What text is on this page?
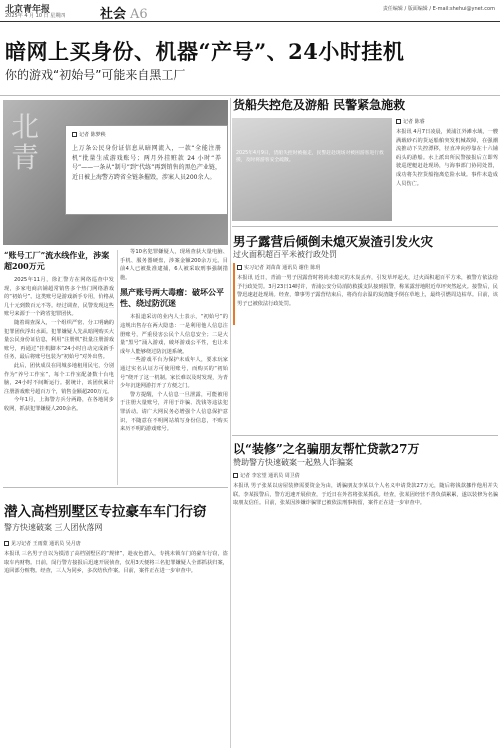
北京青年报
2025年 4 月 10 日 星期四	社会 A6	责任编辑 / 版面编辑 / E-mail:shehui@ynet.com
暗网上买身份、机器“产号”、24小时挂机
你的游戏“初始号”可能来自黑工厂
北青
记者 陈梦秧
上万条公民身份证信息从暗网流入，一款“全能注册机”批量生成游戏账号；两月外挂赃款 24 小时“养号”——一条从“制号”到“代练”再到销售的黑色产业链，近日被上海警方跨省全链条摧毁，涉案人员200余人。
“账号工厂”流水线作业，涉案超200万元

2025年11月，徐汇警方在网络巡查中发现，多家电商店铺超常销售多个热门网络游戏的“初始号”。这类账号是游戏新手专用，价格从几十元到数百元不等。经过调查，民警发现这些账号来源于一个跨省犯罪团伙。

随着调查深入，一个组织严密、分工明确的犯罪团伙浮出水面。犯罪嫌疑人先从暗网购买大量公民身份证信息，利用“注册机”批量注册游戏账号，再通过“挂机脚本”24小时自动完成新手任务，最后将账号包装为“初始号”对外出售。

此后，团伙成员在同城多地租用民宅，分别作为“养号工作室”，每个工作室配备数十台电脑，24小时不间断运行。据统计，该团伙累计注册游戏账号超百万个，销售金额超200万元。

今年1月，上海警方兵分两路，在各地同步收网，抓获犯罪嫌疑人200余名。

等10名犯罪嫌疑人，现场查获大量电脑、手机、服务器硬盘，涉案金额200余万元。目前4人已被批准逮捕，6人被采取刑事强制措施。

黑产账号两大毒瘤：破坏公平性、绕过防沉迷

本报道采访的业内人士表示，“初始号”的违规出售存在两大隐患：一是利用他人信息注册账号，严重侵害公民个人信息安全；二是大量“黑号”涌入游戏，破坏游戏公平性，也让未成年人能够绕过防沉迷系统。

一些游戏平台为保护未成年人，要求玩家通过实名认证方可使用账号，而购买的“初始号”绕开了这一机制。家长难以及时发现，为青少年沉迷网游打开了方便之门。

警方提醒，个人信息一旦泄露，可能被用于注册大量账号，并用于诈骗、洗钱等违法犯罪活动。请广大网民务必增强个人信息保护意识，不随意在不明网站填写身份信息，不购买来历不明的游戏账号。

货船失控危及游船 民警紧急施救
2025年4月9日，货船失控时被拖走，民警赶赴现场对被困游客进行救援，及时将游客安全疏散。
记者 陈睿
本报讯 4月7日凌晨，黄浦江外滩水域，一艘满载砂石的货运船舶突发机械故障，在强潮流推动下失控漂移，径直冲向停靠在十六铺码头的游船。水上派出所民警接报后立即驾驶巡逻艇赶赴现场，与海事部门协同处置，成功将失控货船拖离危险水域。事件未造成人员伤亡。
男子露营后倾倒未熄灭炭渣引发火灾
过火面积超百平米被行政处罚
实习记者 刘苗苗 通讯员 谢佳 陈玥
本报讯 近日，青浦一男子因露营时将尚未熄灭的木炭丢弃，引发草坪起火，过火面积超百平方米，被警方依法给予行政处罚。3月23日14时许，青浦公安分局消防救援支队接到报警，称某露营地附近草坪突然起火。接警后，民警迅速赶赴现场。经查，肇事男子露营结束后，将尚有余温的炭渣随手倒在草地上，最终引燃周边枯草。目前，该男子已被依法行政处罚。
以“装修”之名骗朋友帮忙贷款27万
赞助警方快速破案一起熟人诈骗案
记者 李宏望 通讯员 周卫倩
本报讯 男子张某以房屋装修需要资金为由，诱骗朋友李某以个人名义申请贷款27万元，随后将钱款挪作他用并失联。李某报警后，警方迅速开展侦查，于近日在外省将张某抓获。经查，张某因经营不善负债累累，遂以装修为名骗取朋友信任。目前，张某因涉嫌诈骗罪已被依法刑事拘留，案件正在进一步审查中。
潜入高档别墅区专拉豪车车门行窃
警方快速破案 三人团伙落网
见习记者 王雨蒙 通讯员 吴月唐
本报讯 三名男子自以为摸清了高档别墅区的“规律”，趁夜色潜入，专挑未锁车门的豪车行窃，盗取车内财物。日前，闵行警方接报后迅速开展侦查，仅用3天便将三名犯罪嫌疑人全部抓获归案，追回部分赃物。经查，三人为同乡，多次结伙作案。目前，案件正在进一步审查中。
